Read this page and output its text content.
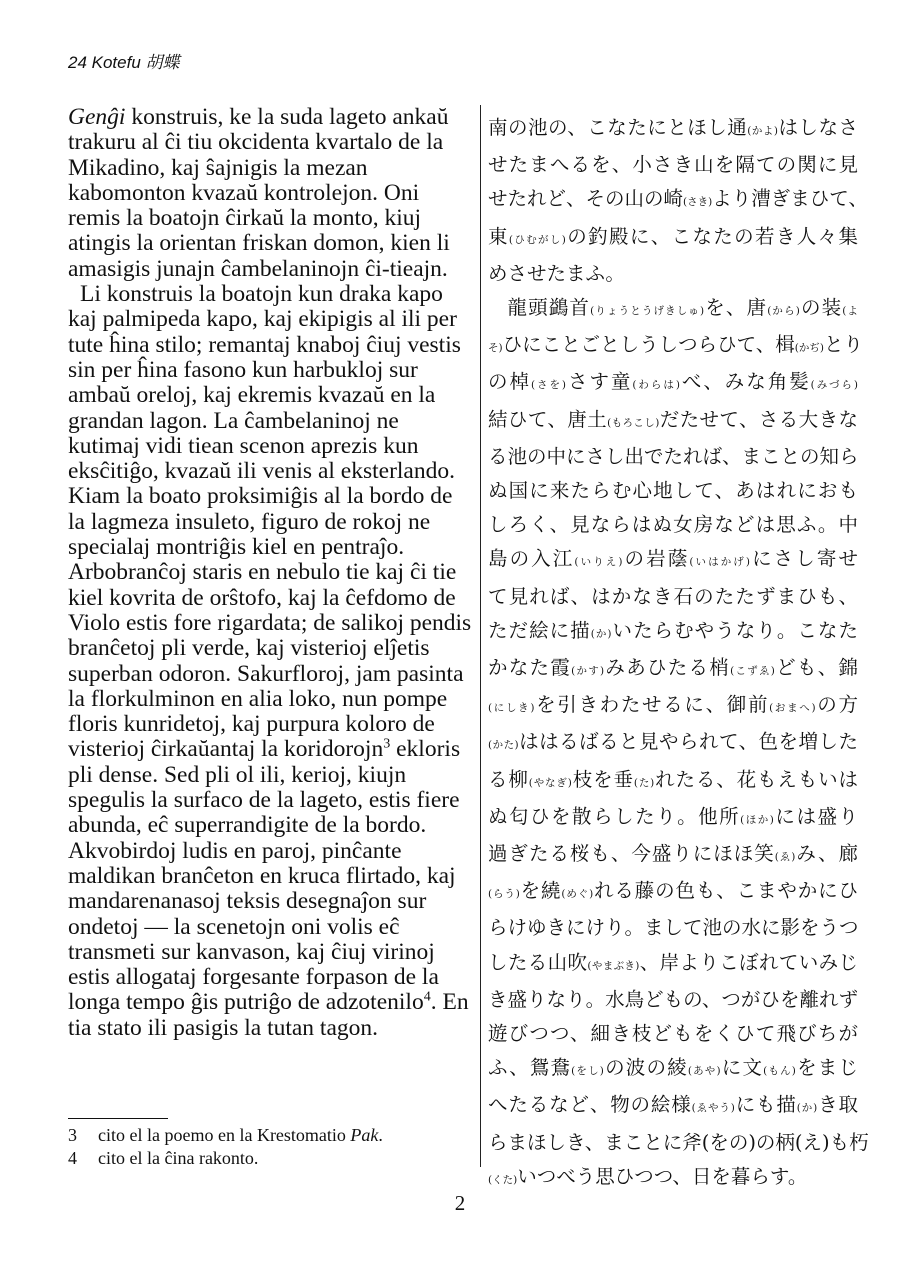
24 Kotefu 胡蝶
Genĝi konstruis, ke la suda lageto ankaŭ
trakuru al ĉi tiu okcidenta kvartalo de la
Mikadino, kaj ŝajnigis la mezan
kabomonton kvazaŭ kontrolejon. Oni
remis la boatojn ĉirkaŭ la monto, kiuj
atingis la orientan friskan domon, kien li
amasigis junajn ĉambelaninojn ĉi-tieajn.
Li konstruis la boatojn kun draka kapo
kaj palmipeda kapo, kaj ekipigis al ili per
tute ĥina stilo; remantaj knaboj ĉiuj vestis
sin per ĥina fasono kun harbukloj sur
ambaŭ oreloj, kaj ekremis kvazaŭ en la
grandan lagon. La ĉambelaninoj ne
kutimaj vidi tiean scenon aprezis kun
eksĉitiĝo, kvazaŭ ili venis al eksterlando.
Kiam la boato proksimiĝis al la bordo de
la lagmeza insuleto, figuro de rokoj ne
specialaj montriĝis kiel en pentraĵo.
Arbobranĉoj staris en nebulo tie kaj ĉi tie
kiel kovrita de orŝtofo, kaj la ĉefdomo de
Violo estis fore rigardata; de salikoj pendis
branĉetoj pli verde, kaj visterioj elĵetis
superban odoron. Sakurfloroj, jam pasinta
la florkulminon en alia loko, nun pompe
floris kunridetoj, kaj purpura koloro de
visterioj ĉirkaŭantaj la koridorojn$^3$ ekloris
pli dense. Sed pli ol ili, kerioj, kiujn
spegulis la surfaco de la lageto, estis fiere
abunda, eĉ superrandigite de la bordo.
Akvobirdoj ludis en paroj, pinĉante
maldikan branĉeton en kruca flirtado, kaj
mandarenanasoj teksis desegnaĵon sur
ondetoj — la scenetojn oni volis eĉ
transmeti sur kanvason, kaj ĉiuj virinoj
estis allogataj forgesante forpason de la
longa tempo ĝis putriĝo de adzotenilo$^4$. En
tia stato ili pasigis la tutan tagon.
南の池の、こなたにとほし通(かよ)はしなさ
せたまへるを、小さき山を隔ての関に見
せたれど、その山の崎(さき)より漕ぎまひて、
東(ひむがし)の釣殿に、こなたの若き人々集
めさせたまふ。
龍頭鷁首(りょうとうげきしゅ)を、唐(から)の装(よ
そ)ひにことごとしうしつらひて、楫(かぢ)とり
の棹(さを)さす童(わらは)べ、みな角髪(みづら)
結ひて、唐土(もろこし)だたせて、さる大きな
る池の中にさし出でたれば、まことの知ら
ぬ国に来たらむ心地して、あはれにおも
しろく、見ならはぬ女房などは思ふ。中
島の入江(いりえ)の岩蔭(いはかげ)にさし寄せ
て見れば、はかなき石のたたずまひも、
ただ絵に描(か)いたらむやうなり。こなた
かなた霞(かす)みあひたる梢(こずゑ)ども、錦
(にしき)を引きわたせるに、御前(おまへ)の方
(かた)ははるばると見やられて、色を増した
る柳(やなぎ)枝を垂(た)れたる、花もえもいは
ぬ匂ひを散らしたり。他所(ほか)には盛り
過ぎたる桜も、今盛りにほほ笑(ゑ)み、廊
(らう)を繞(めぐ)れる藤の色も、こまやかにひ
らけゆきにけり。まして池の水に影をうつ
したる山吹(やまぶき)、岸よりこぼれていみじ
き盛りなり。水鳥どもの、つがひを離れず
遊びつつ、細き枝どもをくひて飛びちが
ふ、鴛鴦(をし)の波の綾(あや)に文(もん)をまじ
へたるなど、物の絵様(ゑやう)にも描(か)き取
らまほしき、まことに斧(をの)の柄(え)も朽
(くた)いつべう思ひつつ、日を暮らす。
3 cito el la poemo en la Krestomatio Pak.
4 cito el la ĉina rakonto.
2
